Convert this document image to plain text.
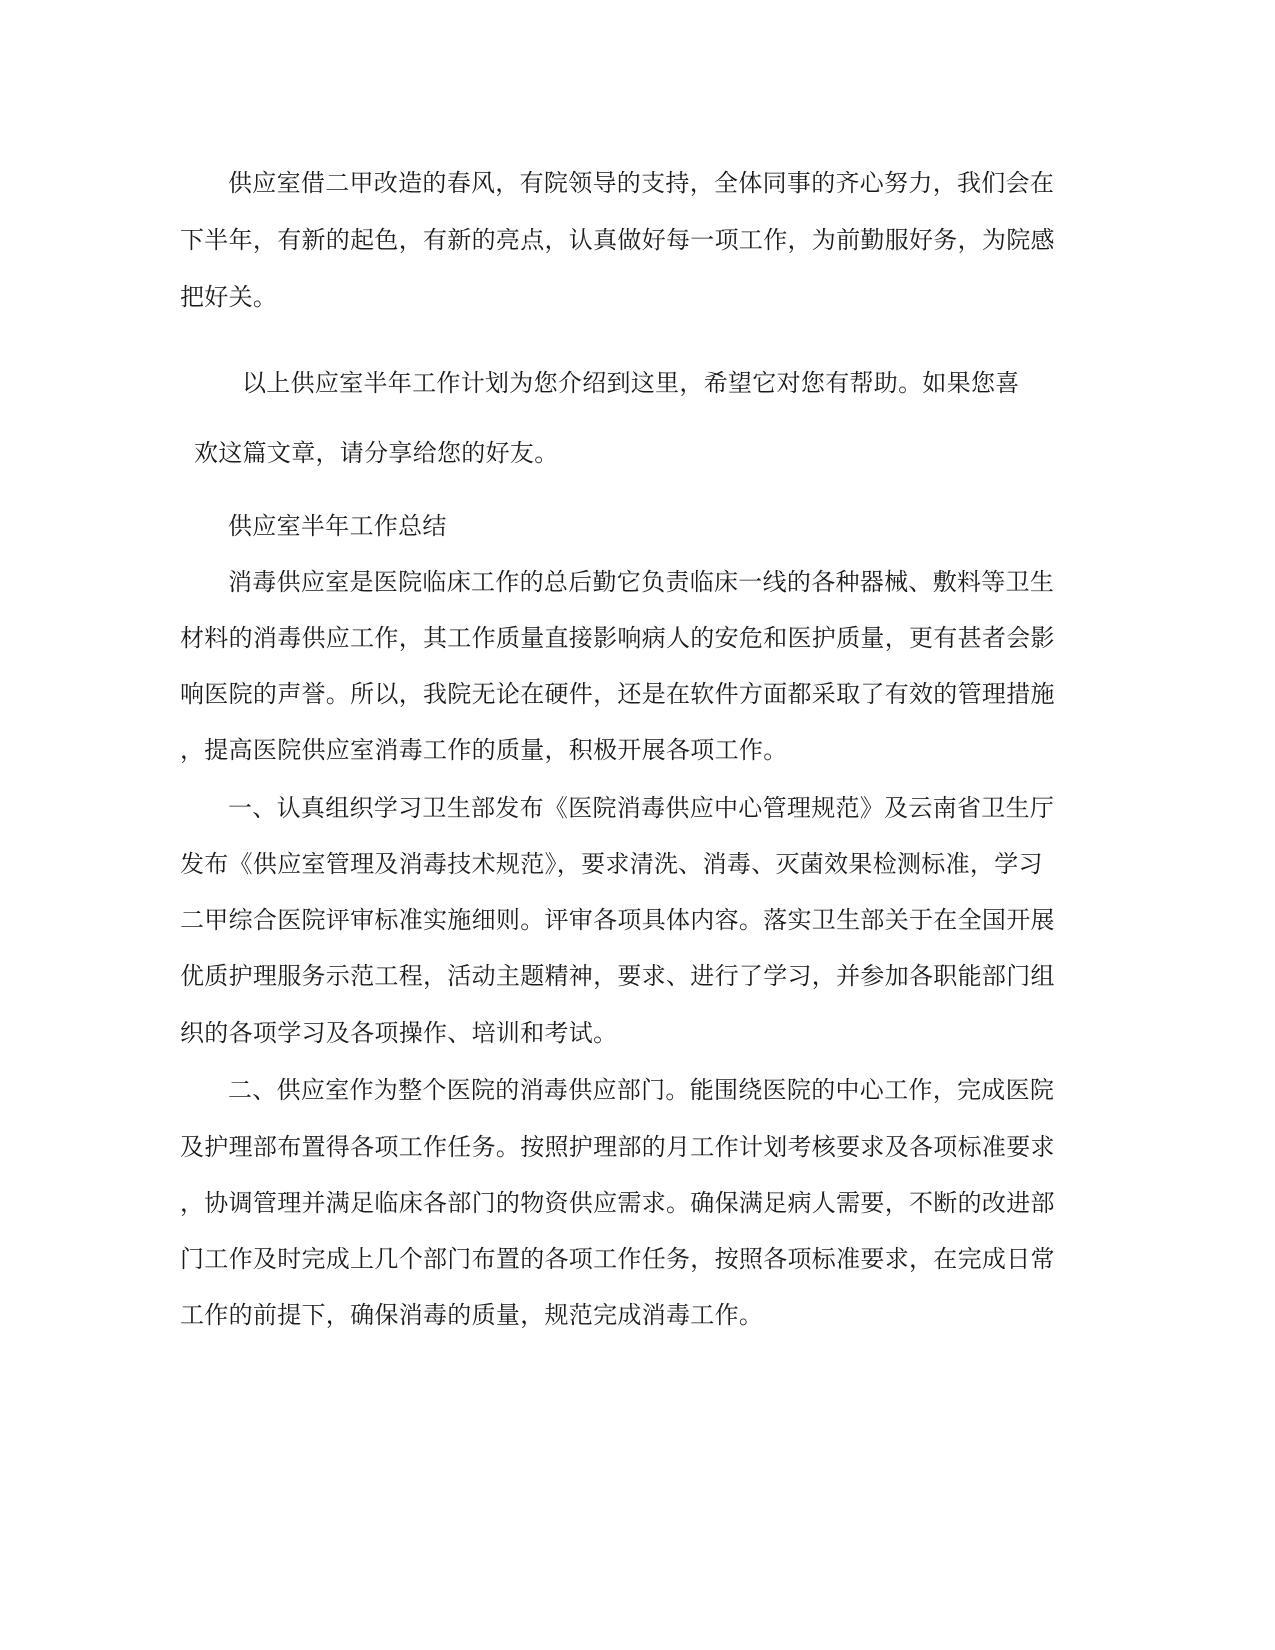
供应室借二甲改造的春风，有院领导的支持，全体同事的齐心努力，我们会在
下半年，有新的起色，有新的亮点，认真做好每一项工作，为前勤服好务，为院感
把好关。
以上供应室半年工作计划为您介绍到这里，希望它对您有帮助。如果您喜
欢这篇文章，请分享给您的好友。
供应室半年工作总结
消毒供应室是医院临床工作的总后勤它负责临床一线的各种器械、敷料等卫生
材料的消毒供应工作，其工作质量直接影响病人的安危和医护质量，更有甚者会影
响医院的声誉。所以，我院无论在硬件，还是在软件方面都采取了有效的管理措施
，提高医院供应室消毒工作的质量，积极开展各项工作。
一、认真组织学习卫生部发布《医院消毒供应中心管理规范》及云南省卫生厅
发布《供应室管理及消毒技术规范》，要求清洗、消毒、灭菌效果检测标准，学习
二甲综合医院评审标准实施细则。评审各项具体内容。落实卫生部关于在全国开展
优质护理服务示范工程，活动主题精神，要求、进行了学习，并参加各职能部门组
织的各项学习及各项操作、培训和考试。
二、供应室作为整个医院的消毒供应部门。能围绕医院的中心工作，完成医院
及护理部布置得各项工作任务。按照护理部的月工作计划考核要求及各项标准要求
，协调管理并满足临床各部门的物资供应需求。确保满足病人需要，不断的改进部
门工作及时完成上几个部门布置的各项工作任务，按照各项标准要求，在完成日常
工作的前提下，确保消毒的质量，规范完成消毒工作。
